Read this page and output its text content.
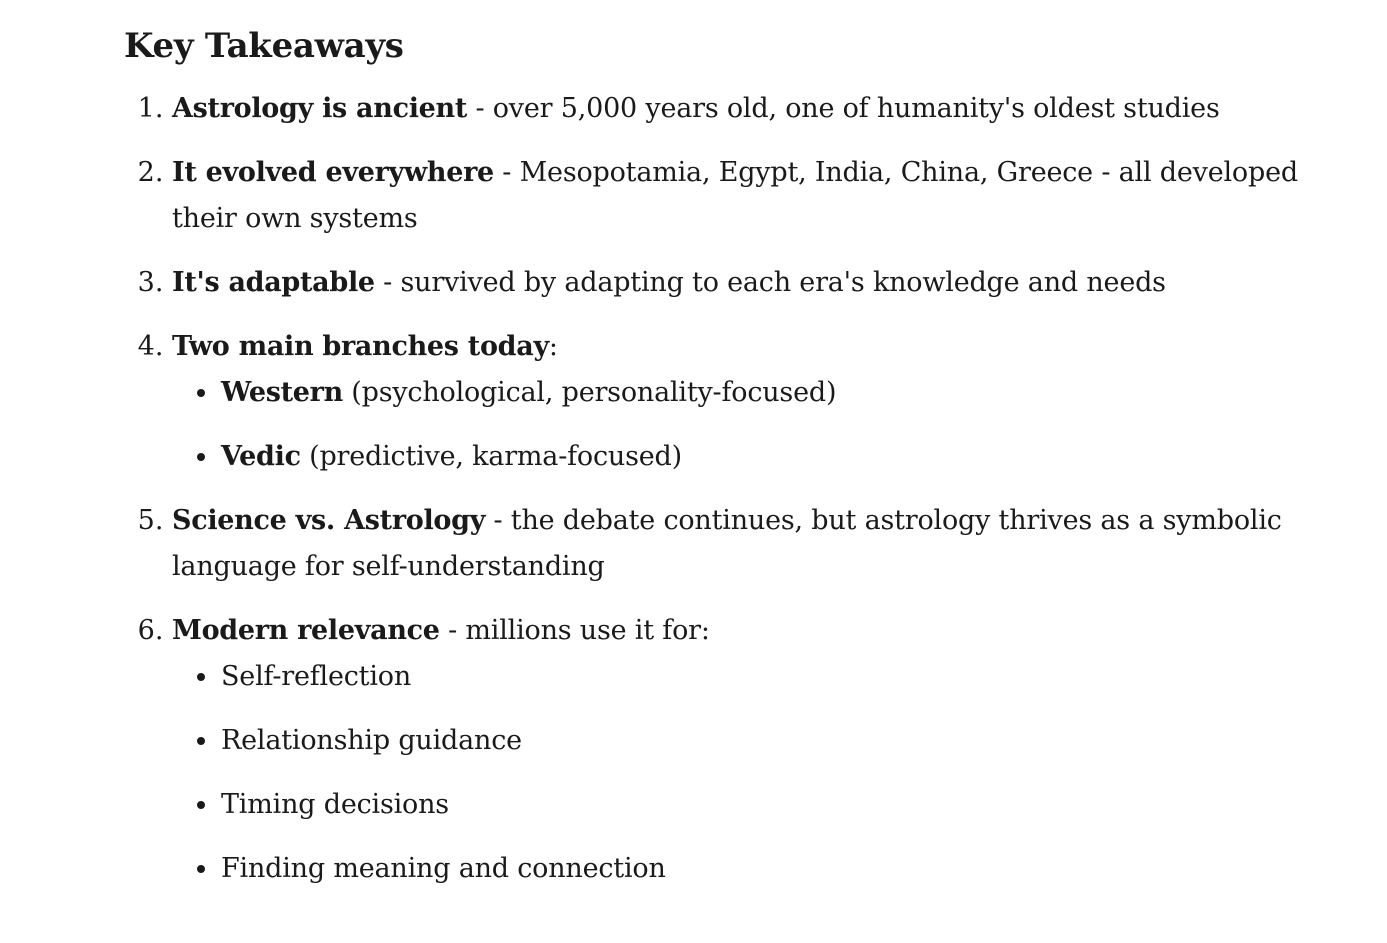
Key Takeaways
1. Astrology is ancient - over 5,000 years old, one of humanity's oldest studies
2. It evolved everywhere - Mesopotamia, Egypt, India, China, Greece - all developed their own systems
3. It's adaptable - survived by adapting to each era's knowledge and needs
4. Two main branches today:
Western (psychological, personality-focused)
Vedic (predictive, karma-focused)
5. Science vs. Astrology - the debate continues, but astrology thrives as a symbolic language for self-understanding
6. Modern relevance - millions use it for:
Self-reflection
Relationship guidance
Timing decisions
Finding meaning and connection
